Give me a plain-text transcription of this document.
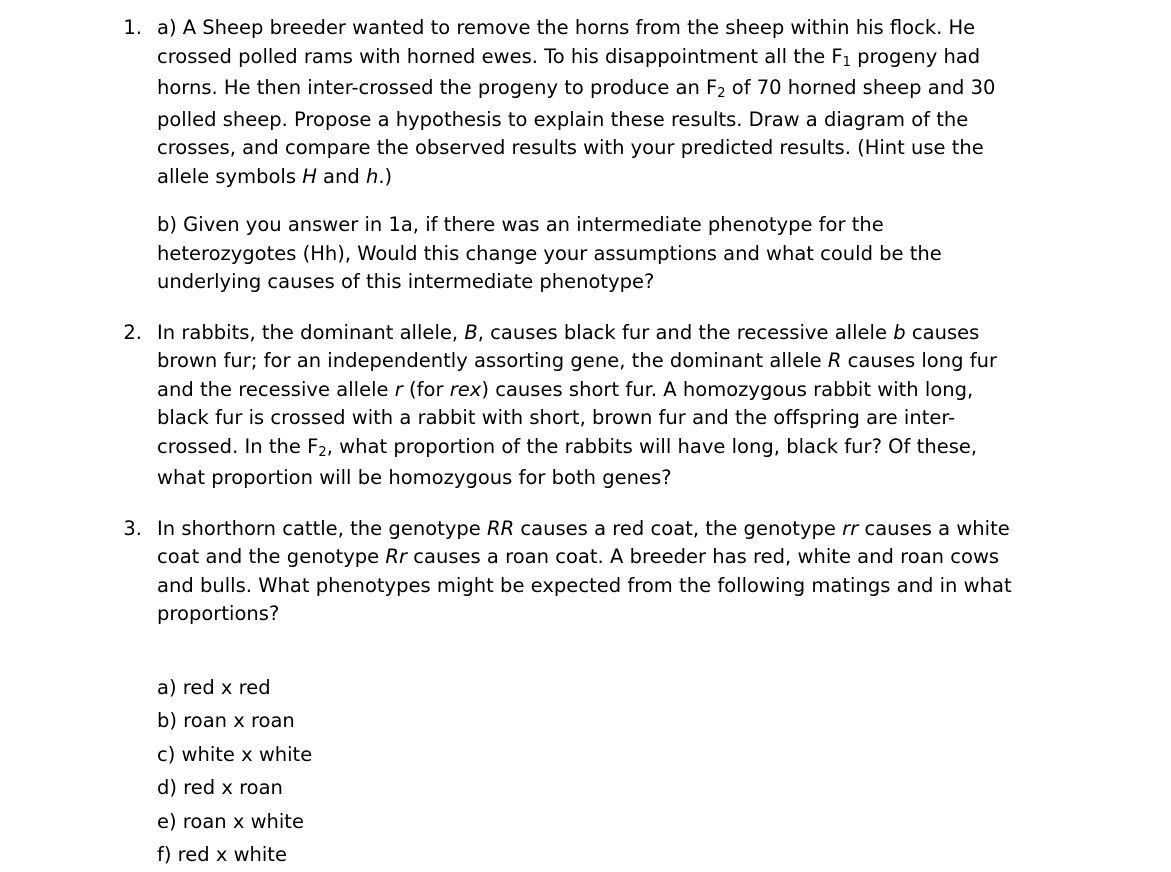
1. a) A Sheep breeder wanted to remove the horns from the sheep within his flock. He crossed polled rams with horned ewes. To his disappointment all the $F_1$ progeny had horns. He then inter-crossed the progeny to produce an $F_2$ of 70 horned sheep and 30 polled sheep. Propose a hypothesis to explain these results. Draw a diagram of the crosses, and compare the observed results with your predicted results. (Hint use the allele symbols H and h.)

b) Given you answer in 1a, if there was an intermediate phenotype for the heterozygotes (Hh), Would this change your assumptions and what could be the underlying causes of this intermediate phenotype?

2. In rabbits, the dominant allele, B, causes black fur and the recessive allele b causes brown fur; for an independently assorting gene, the dominant allele R causes long fur and the recessive allele r (for rex) causes short fur. A homozygous rabbit with long, black fur is crossed with a rabbit with short, brown fur and the offspring are inter-crossed. In the $F_2$, what proportion of the rabbits will have long, black fur? Of these, what proportion will be homozygous for both genes?

3. In shorthorn cattle, the genotype RR causes a red coat, the genotype rr causes a white coat and the genotype Rr causes a roan coat. A breeder has red, white and roan cows and bulls. What phenotypes might be expected from the following matings and in what proportions?

a) red x red
b) roan x roan
c) white x white
d) red x roan
e) roan x white
f) red x white
